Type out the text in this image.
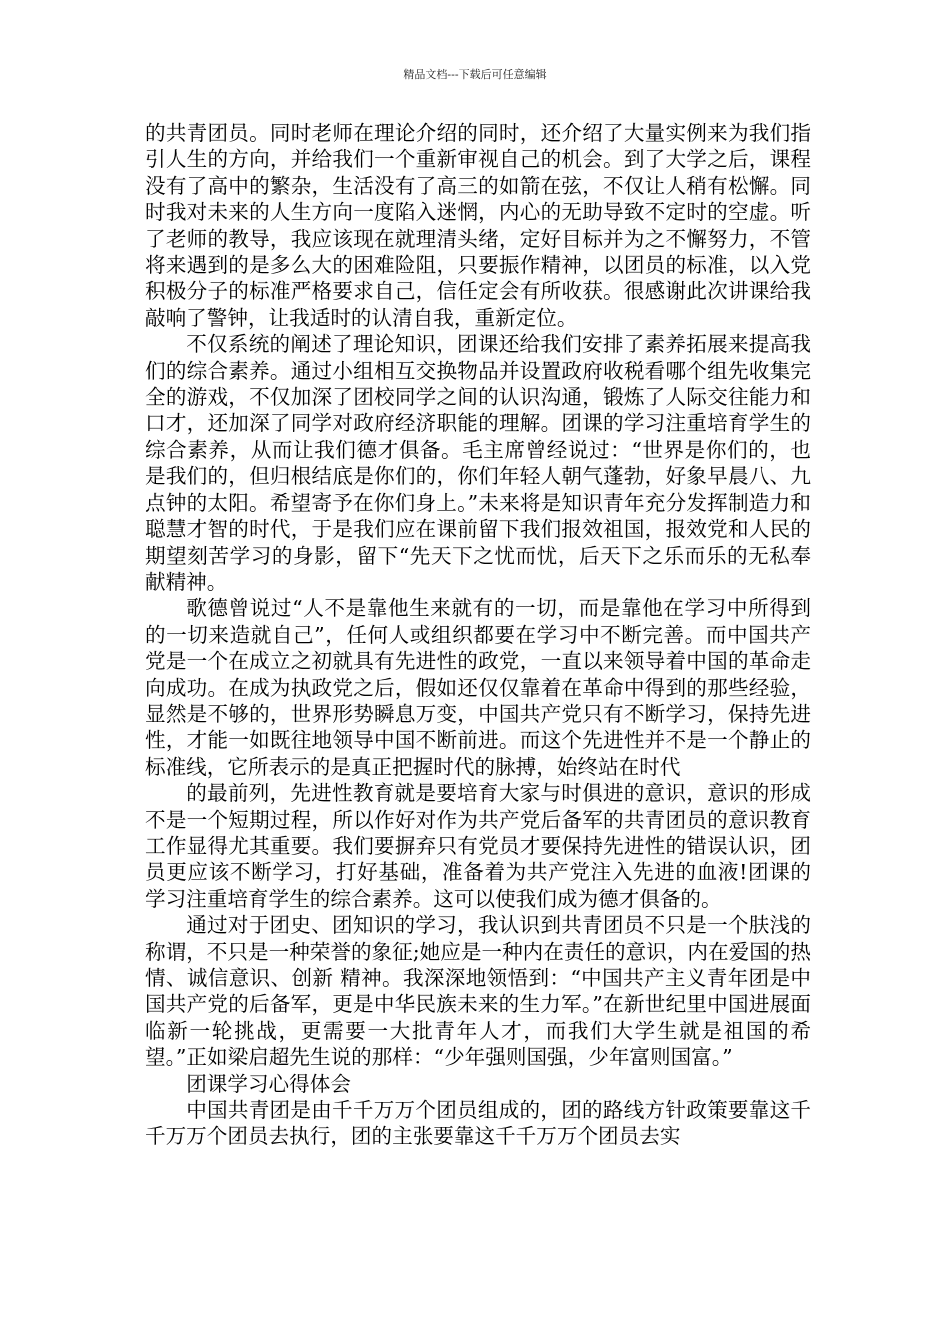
精品文档---下载后可任意编辑

的共青团员。同时老师在理论介绍的同时，还介绍了大量实例来为我们指引人生的方向，并给我们一个重新审视自己的机会。到了大学之后，课程没有了高中的繁杂，生活没有了高三的如箭在弦，不仅让人稍有松懈。同时我对未来的人生方向一度陷入迷惘，内心的无助导致不定时的空虚。听了老师的教导，我应该现在就理清头绪，定好目标并为之不懈努力，不管将来遇到的是多么大的困难险阻，只要振作精神，以团员的标准，以入党积极分子的标准严格要求自己，信任定会有所收获。很感谢此次讲课给我敲响了警钟，让我适时的认清自我，重新定位。

不仅系统的阐述了理论知识，团课还给我们安排了素养拓展来提高我们的综合素养。通过小组相互交换物品并设置政府收税看哪个组先收集完全的游戏，不仅加深了团校同学之间的认识沟通，锻炼了人际交往能力和口才，还加深了同学对政府经济职能的理解。团课的学习注重培育学生的综合素养，从而让我们德才俱备。毛主席曾经说过：“世界是你们的，也是我们的，但归根结底是你们的，你们年轻人朝气蓬勃，好象早晨八、九点钟的太阳。希望寄予在你们身上。”未来将是知识青年充分发挥制造力和聪慧才智的时代，于是我们应在课前留下我们报效祖国，报效党和人民的期望刻苦学习的身影，留下“先天下之忧而忧，后天下之乐而乐的无私奉献精神。

歌德曾说过“人不是靠他生来就有的一切，而是靠他在学习中所得到的一切来造就自己”，任何人或组织都要在学习中不断完善。而中国共产党是一个在成立之初就具有先进性的政党，一直以来领导着中国的革命走向成功。在成为执政党之后，假如还仅仅靠着在革命中得到的那些经验，显然是不够的，世界形势瞬息万变，中国共产党只有不断学习，保持先进性，才能一如既往地领导中国不断前进。而这个先进性并不是一个静止的标准线，它所表示的是真正把握时代的脉搏，始终站在时代

的最前列，先进性教育就是要培育大家与时俱进的意识，意识的形成不是一个短期过程，所以作好对作为共产党后备军的共青团员的意识教育工作显得尤其重要。我们要摒弃只有党员才要保持先进性的错误认识，团员更应该不断学习，打好基础，准备着为共产党注入先进的血液!团课的学习注重培育学生的综合素养。这可以使我们成为德才俱备的。

通过对于团史、团知识的学习，我认识到共青团员不只是一个肤浅的称谓，不只是一种荣誉的象征;她应是一种内在责任的意识，内在爱国的热情、诚信意识、创新 精神。我深深地领悟到：“中国共产主义青年团是中国共产党的后备军，更是中华民族未来的生力军。”在新世纪里中国进展面临新一轮挑战，更需要一大批青年人才，而我们大学生就是祖国的希望。”正如梁启超先生说的那样：“少年强则国强，少年富则国富。”

团课学习心得体会

中国共青团是由千千万万个团员组成的，团的路线方针政策要靠这千千万万个团员去执行，团的主张要靠这千千万万个团员去实
